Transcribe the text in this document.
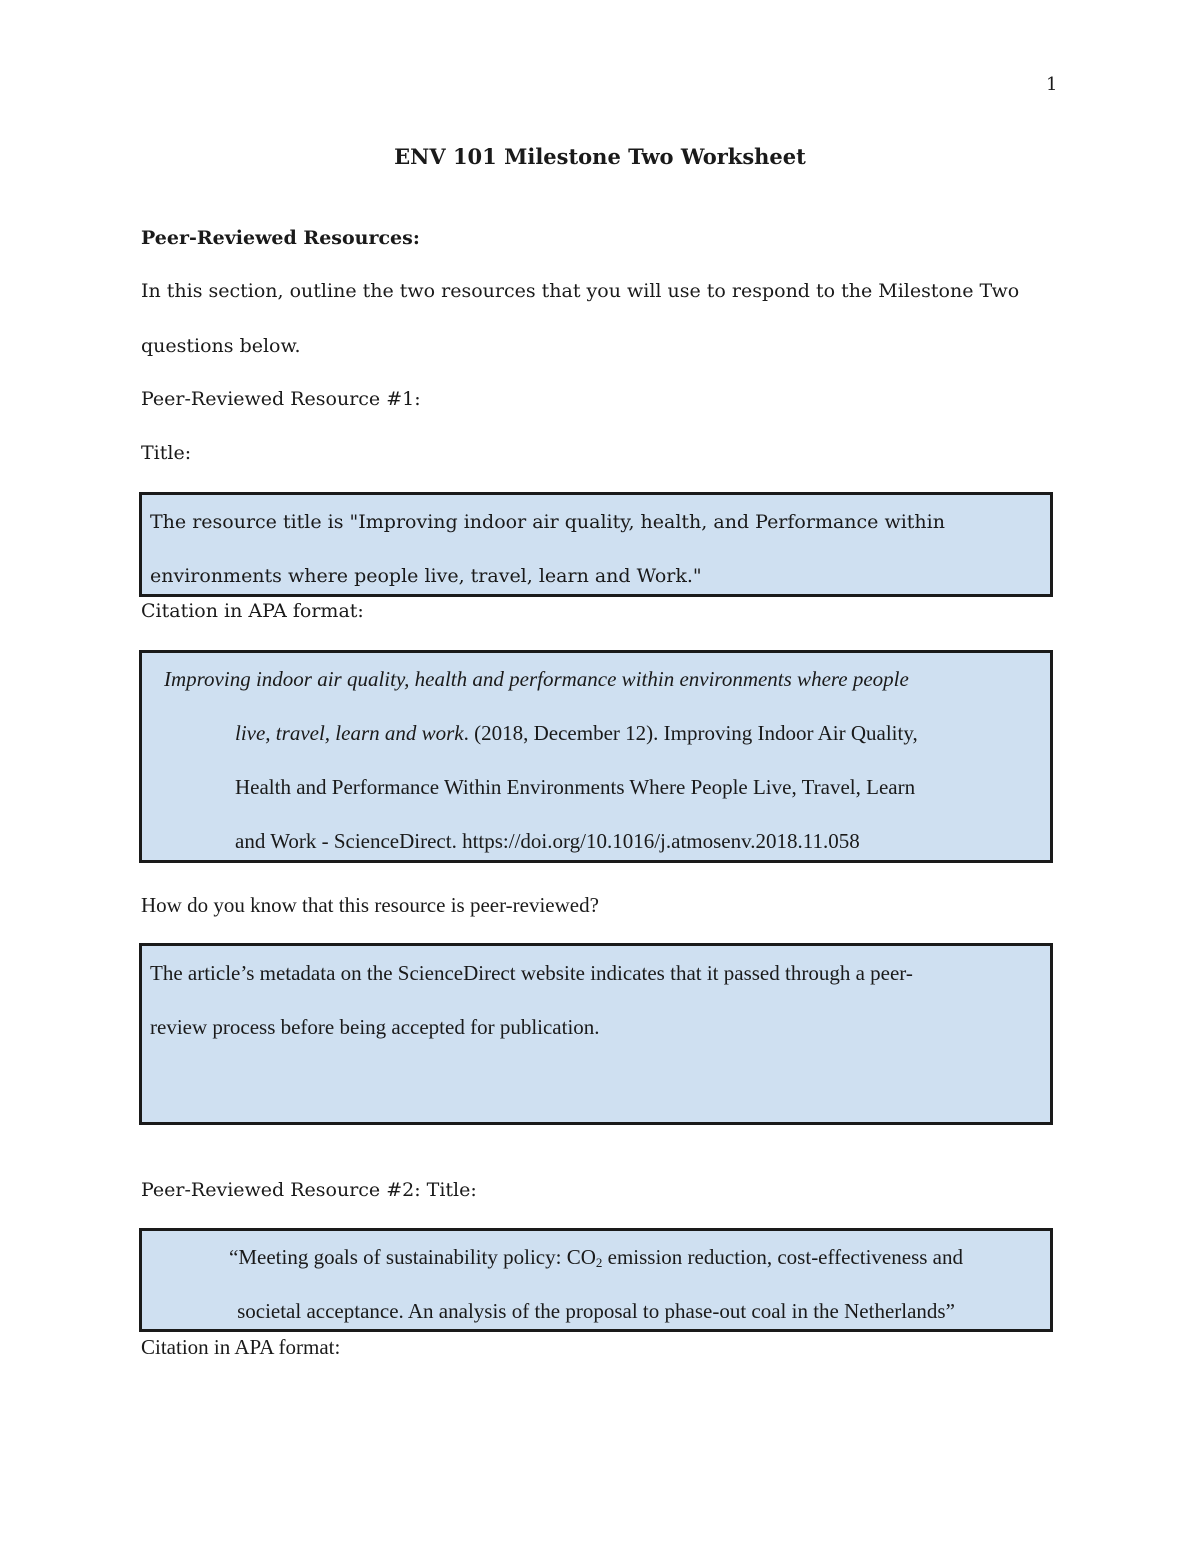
1
ENV 101 Milestone Two Worksheet
Peer-Reviewed Resources:
In this section, outline the two resources that you will use to respond to the Milestone Two
questions below.
Peer-Reviewed Resource #1:
Title:
The resource title is "Improving indoor air quality, health, and Performance within
environments where people live, travel, learn and Work."
Citation in APA format:
Improving indoor air quality, health and performance within environments where people
live, travel, learn and work. (2018, December 12). Improving Indoor Air Quality,
Health and Performance Within Environments Where People Live, Travel, Learn
and Work - ScienceDirect. https://doi.org/10.1016/j.atmosenv.2018.11.058
How do you know that this resource is peer-reviewed?
The article’s metadata on the ScienceDirect website indicates that it passed through a peer-
review process before being accepted for publication.
Peer-Reviewed Resource #2: Title:
“Meeting goals of sustainability policy: $CO_2$ emission reduction, cost-effectiveness and
societal acceptance. An analysis of the proposal to phase-out coal in the Netherlands”
Citation in APA format:
